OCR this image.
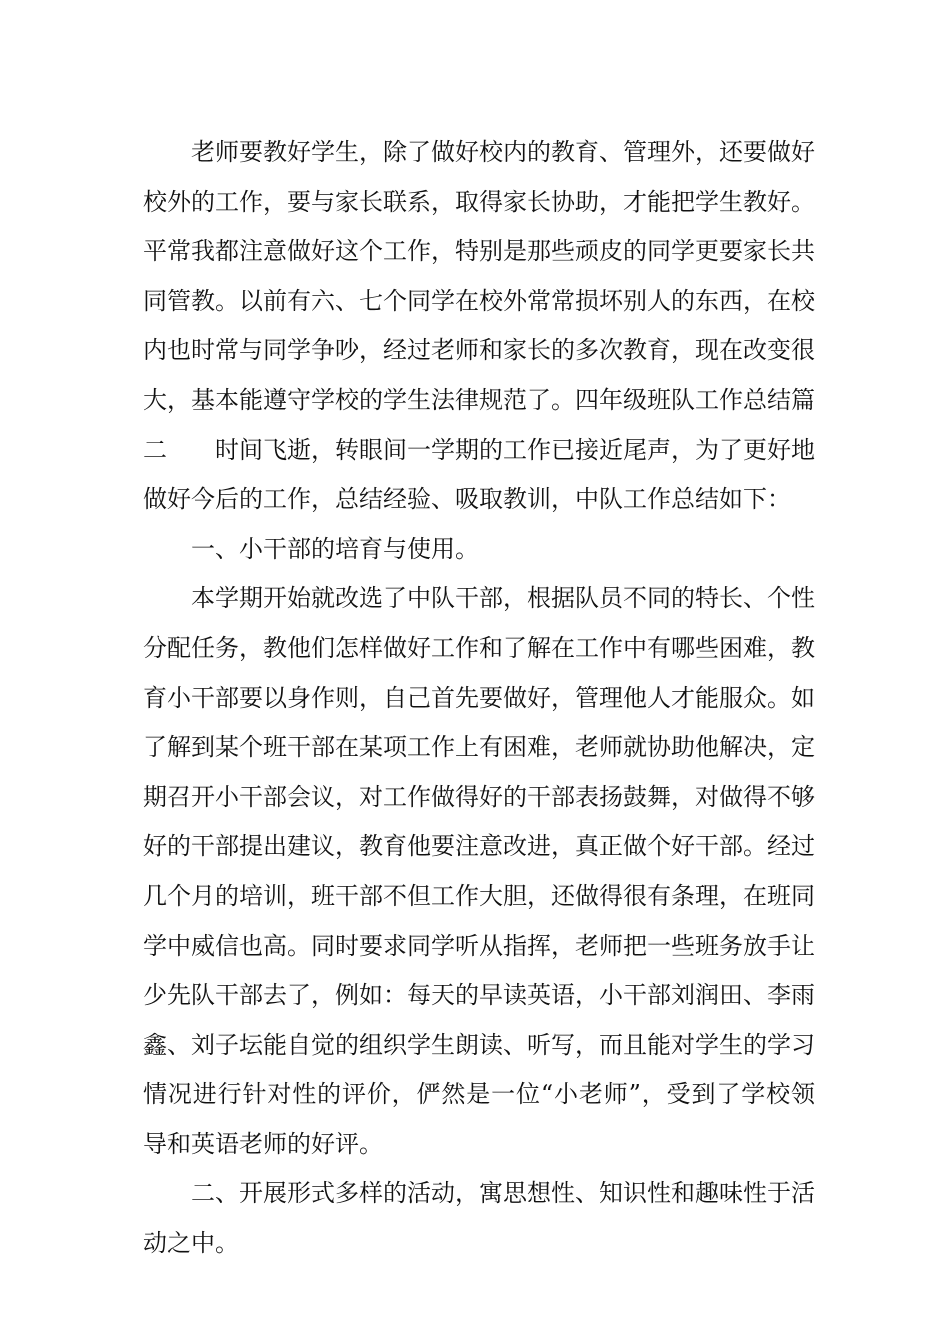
老师要教好学生，除了做好校内的教育、管理外，还要做好校外的工作，要与家长联系，取得家长协助，才能把学生教好。平常我都注意做好这个工作，特别是那些顽皮的同学更要家长共同管教。以前有六、七个同学在校外常常损坏别人的东西，在校内也时常与同学争吵，经过老师和家长的多次教育，现在改变很大，基本能遵守学校的学生法律规范了。四年级班队工作总结篇二　　时间飞逝，转眼间一学期的工作已接近尾声，为了更好地做好今后的工作，总结经验、吸取教训，中队工作总结如下：

一、小干部的培育与使用。

本学期开始就改选了中队干部，根据队员不同的特长、个性分配任务，教他们怎样做好工作和了解在工作中有哪些困难，教育小干部要以身作则，自己首先要做好，管理他人才能服众。如了解到某个班干部在某项工作上有困难，老师就协助他解决，定期召开小干部会议，对工作做得好的干部表扬鼓舞，对做得不够好的干部提出建议，教育他要注意改进，真正做个好干部。经过几个月的培训，班干部不但工作大胆，还做得很有条理，在班同学中威信也高。同时要求同学听从指挥，老师把一些班务放手让少先队干部去了，例如：每天的早读英语，小干部刘润田、李雨鑫、刘子坛能自觉的组织学生朗读、听写，而且能对学生的学习情况进行针对性的评价，俨然是一位“小老师”，受到了学校领导和英语老师的好评。

二、开展形式多样的活动，寓思想性、知识性和趣味性于活动之中。
